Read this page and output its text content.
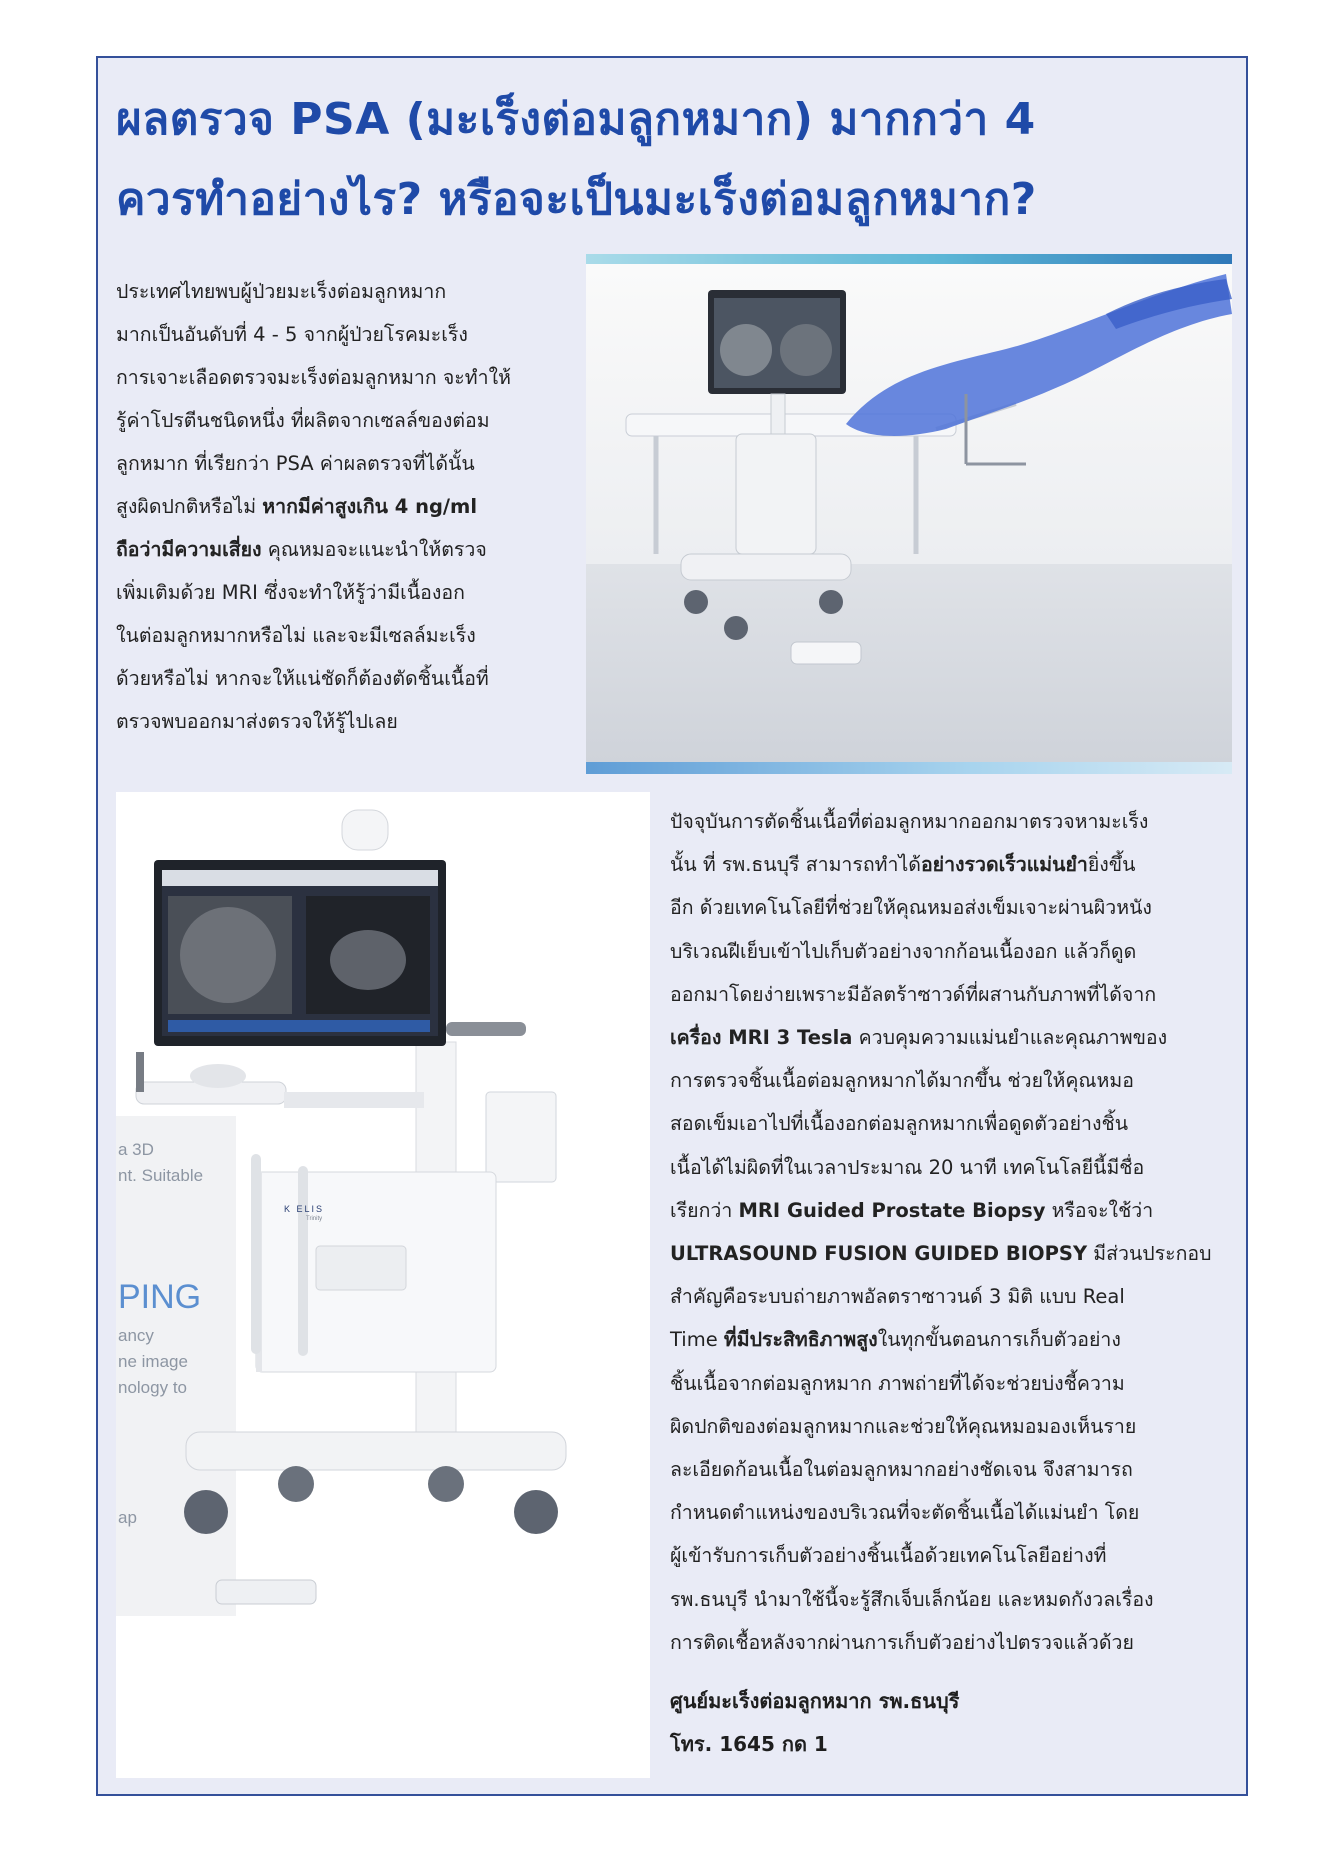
ผลตรวจ PSA (มะเร็งต่อมลูกหมาก) มากกว่า 4
ควรทำอย่างไร? หรือจะเป็นมะเร็งต่อมลูกหมาก?
ประเทศไทยพบผู้ป่วยมะเร็งต่อมลูกหมาก
มากเป็นอันดับที่ 4 - 5 จากผู้ป่วยโรคมะเร็ง
การเจาะเลือดตรวจมะเร็งต่อมลูกหมาก จะทำให้
รู้ค่าโปรตีนชนิดหนึ่ง ที่ผลิตจากเซลล์ของต่อม
ลูกหมาก ที่เรียกว่า PSA ค่าผลตรวจที่ได้นั้น
สูงผิดปกติหรือไม่ หากมีค่าสูงเกิน 4 ng/ml
ถือว่ามีความเสี่ยง คุณหมอจะแนะนำให้ตรวจ
เพิ่มเติมด้วย MRI ซึ่งจะทำให้รู้ว่ามีเนื้องอก
ในต่อมลูกหมากหรือไม่ และจะมีเซลล์มะเร็ง
ด้วยหรือไม่ หากจะให้แน่ชัดก็ต้องตัดชิ้นเนื้อที่
ตรวจพบออกมาส่งตรวจให้รู้ไปเลย
a 3D
nt. Suitable
PING
ancy
ne image
nology to
ap
K ELIS
Trinity
ปัจจุบันการตัดชิ้นเนื้อที่ต่อมลูกหมากออกมาตรวจหามะเร็ง
นั้น ที่ รพ.ธนบุรี สามารถทำได้อย่างรวดเร็วแม่นยำยิ่งขึ้น
อีก ด้วยเทคโนโลยีที่ช่วยให้คุณหมอส่งเข็มเจาะผ่านผิวหนัง
บริเวณฝีเย็บเข้าไปเก็บตัวอย่างจากก้อนเนื้องอก แล้วก็ดูด
ออกมาโดยง่ายเพราะมีอัลตร้าซาวด์ที่ผสานกับภาพที่ได้จาก
เครื่อง MRI 3 Tesla ควบคุมความแม่นยำและคุณภาพของ
การตรวจชิ้นเนื้อต่อมลูกหมากได้มากขึ้น ช่วยให้คุณหมอ
สอดเข็มเอาไปที่เนื้องอกต่อมลูกหมากเพื่อดูดตัวอย่างชิ้น
เนื้อได้ไม่ผิดที่ในเวลาประมาณ 20 นาที เทคโนโลยีนี้มีชื่อ
เรียกว่า MRI Guided Prostate Biopsy หรือจะใช้ว่า
ULTRASOUND FUSION GUIDED BIOPSY มีส่วนประกอบ
สำคัญคือระบบถ่ายภาพอัลตราซาวนด์ 3 มิติ แบบ Real
Time ที่มีประสิทธิภาพสูงในทุกขั้นตอนการเก็บตัวอย่าง
ชิ้นเนื้อจากต่อมลูกหมาก ภาพถ่ายที่ได้จะช่วยบ่งชี้ความ
ผิดปกติของต่อมลูกหมากและช่วยให้คุณหมอมองเห็นราย
ละเอียดก้อนเนื้อในต่อมลูกหมากอย่างชัดเจน จึงสามารถ
กำหนดตำแหน่งของบริเวณที่จะตัดชิ้นเนื้อได้แม่นยำ โดย
ผู้เข้ารับการเก็บตัวอย่างชิ้นเนื้อด้วยเทคโนโลยีอย่างที่
รพ.ธนบุรี นำมาใช้นี้จะรู้สึกเจ็บเล็กน้อย และหมดกังวลเรื่อง
การติดเชื้อหลังจากผ่านการเก็บตัวอย่างไปตรวจแล้วด้วย
ศูนย์มะเร็งต่อมลูกหมาก รพ.ธนบุรี
โทร. 1645 กด 1
